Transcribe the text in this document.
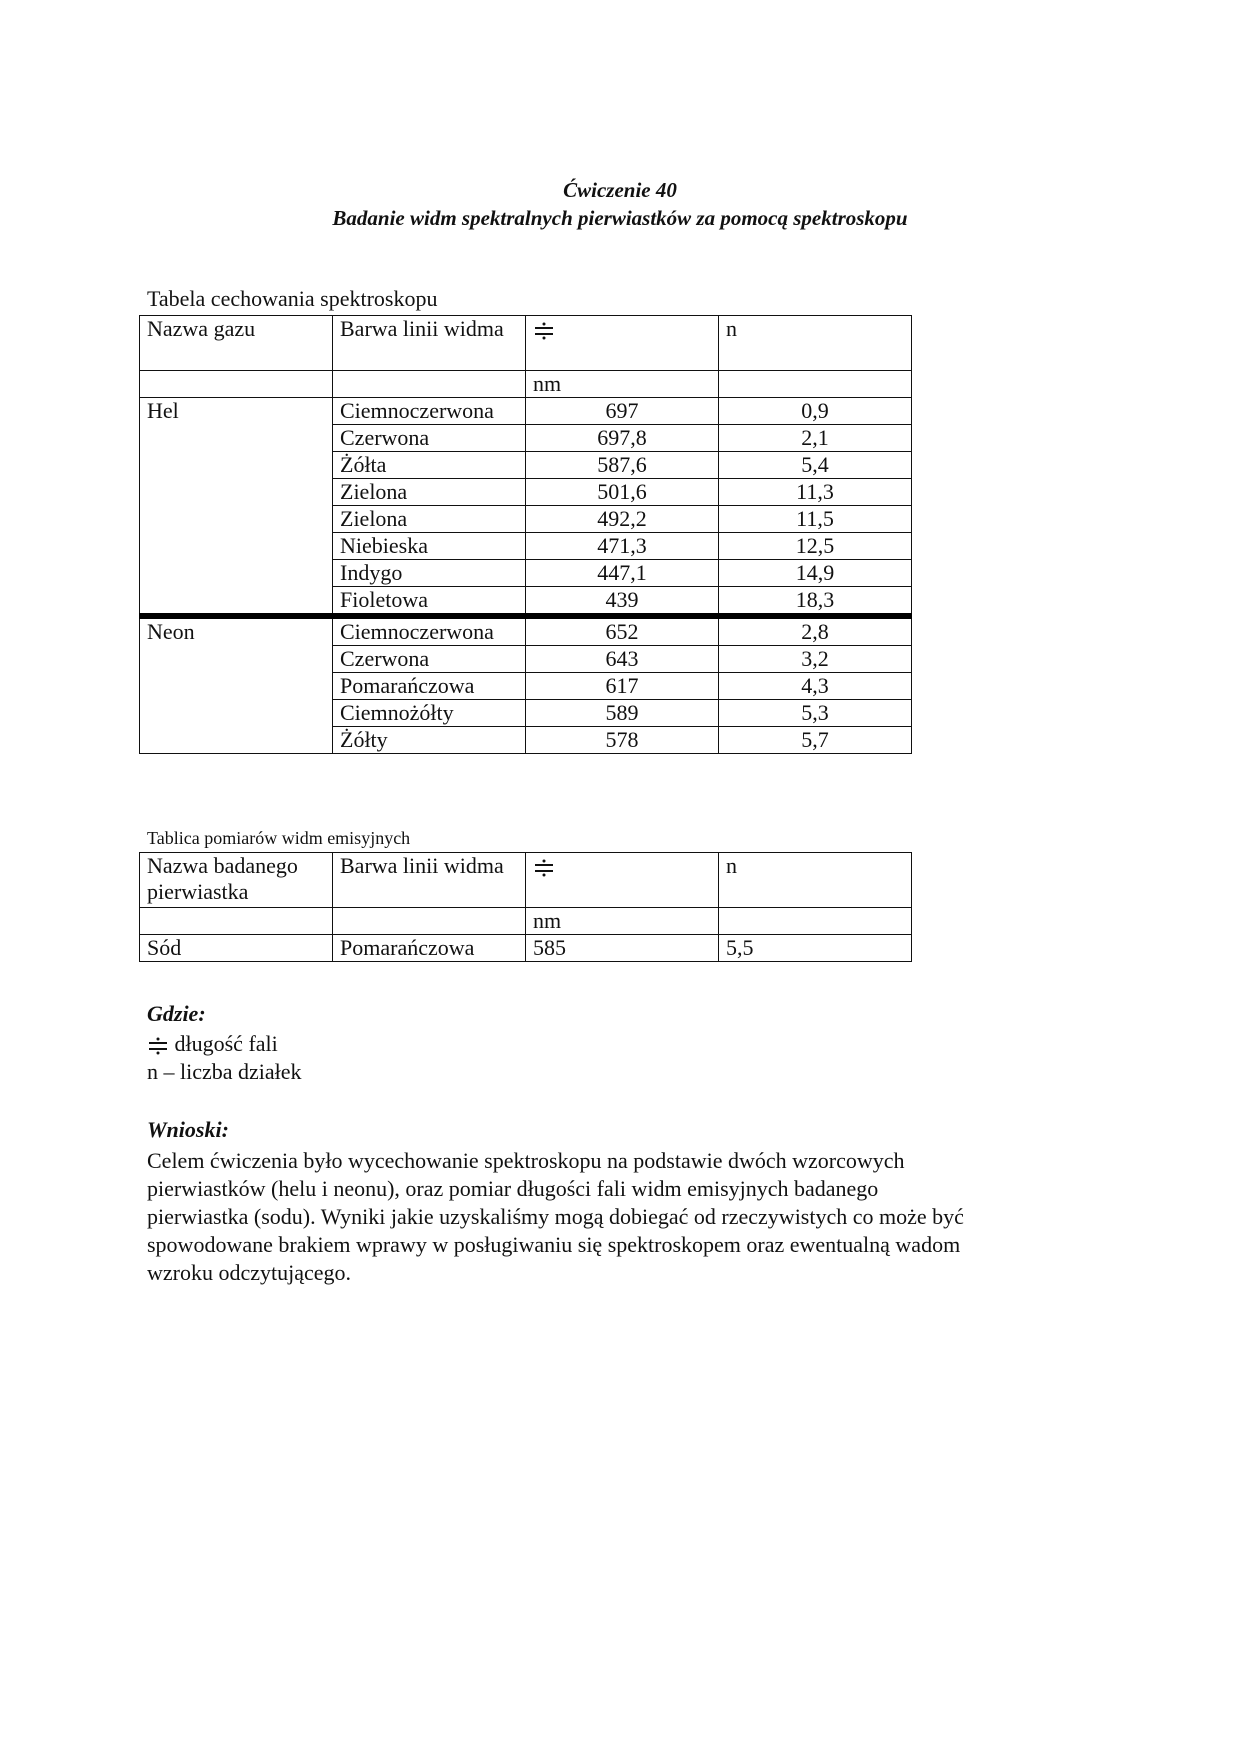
Ćwiczenie 40
Badanie widm spektralnych pierwiastków za pomocą spektroskopu
Tabela cechowania spektroskopu
Nazwa gazu	Barwa linii widma		n
		nm	
Hel	Ciemnoczerwona	697	0,9
	Czerwona	697,8	2,1
	Żółta	587,6	5,4
	Zielona	501,6	11,3
	Zielona	492,2	11,5
	Niebieska	471,3	12,5
	Indygo	447,1	14,9
	Fioletowa	439	18,3
Neon	Ciemnoczerwona	652	2,8
	Czerwona	643	3,2
	Pomarańczowa	617	4,3
	Ciemnożółty	589	5,3
	Żółty	578	5,7
Tablica pomiarów widm emisyjnych
Nazwa badanego pierwiastka	Barwa linii widma		n
		nm	
Sód	Pomarańczowa	585	5,5
Gdzie:
długość fali
n – liczba działek
Wnioski:
Celem ćwiczenia było wycechowanie spektroskopu na podstawie dwóch wzorcowych
pierwiastków (helu i neonu), oraz pomiar długości fali widm emisyjnych badanego
pierwiastka (sodu). Wyniki jakie uzyskaliśmy mogą dobiegać od rzeczywistych co może być
spowodowane brakiem wprawy w posługiwaniu się spektroskopem oraz ewentualną wadom
wzroku odczytującego.
